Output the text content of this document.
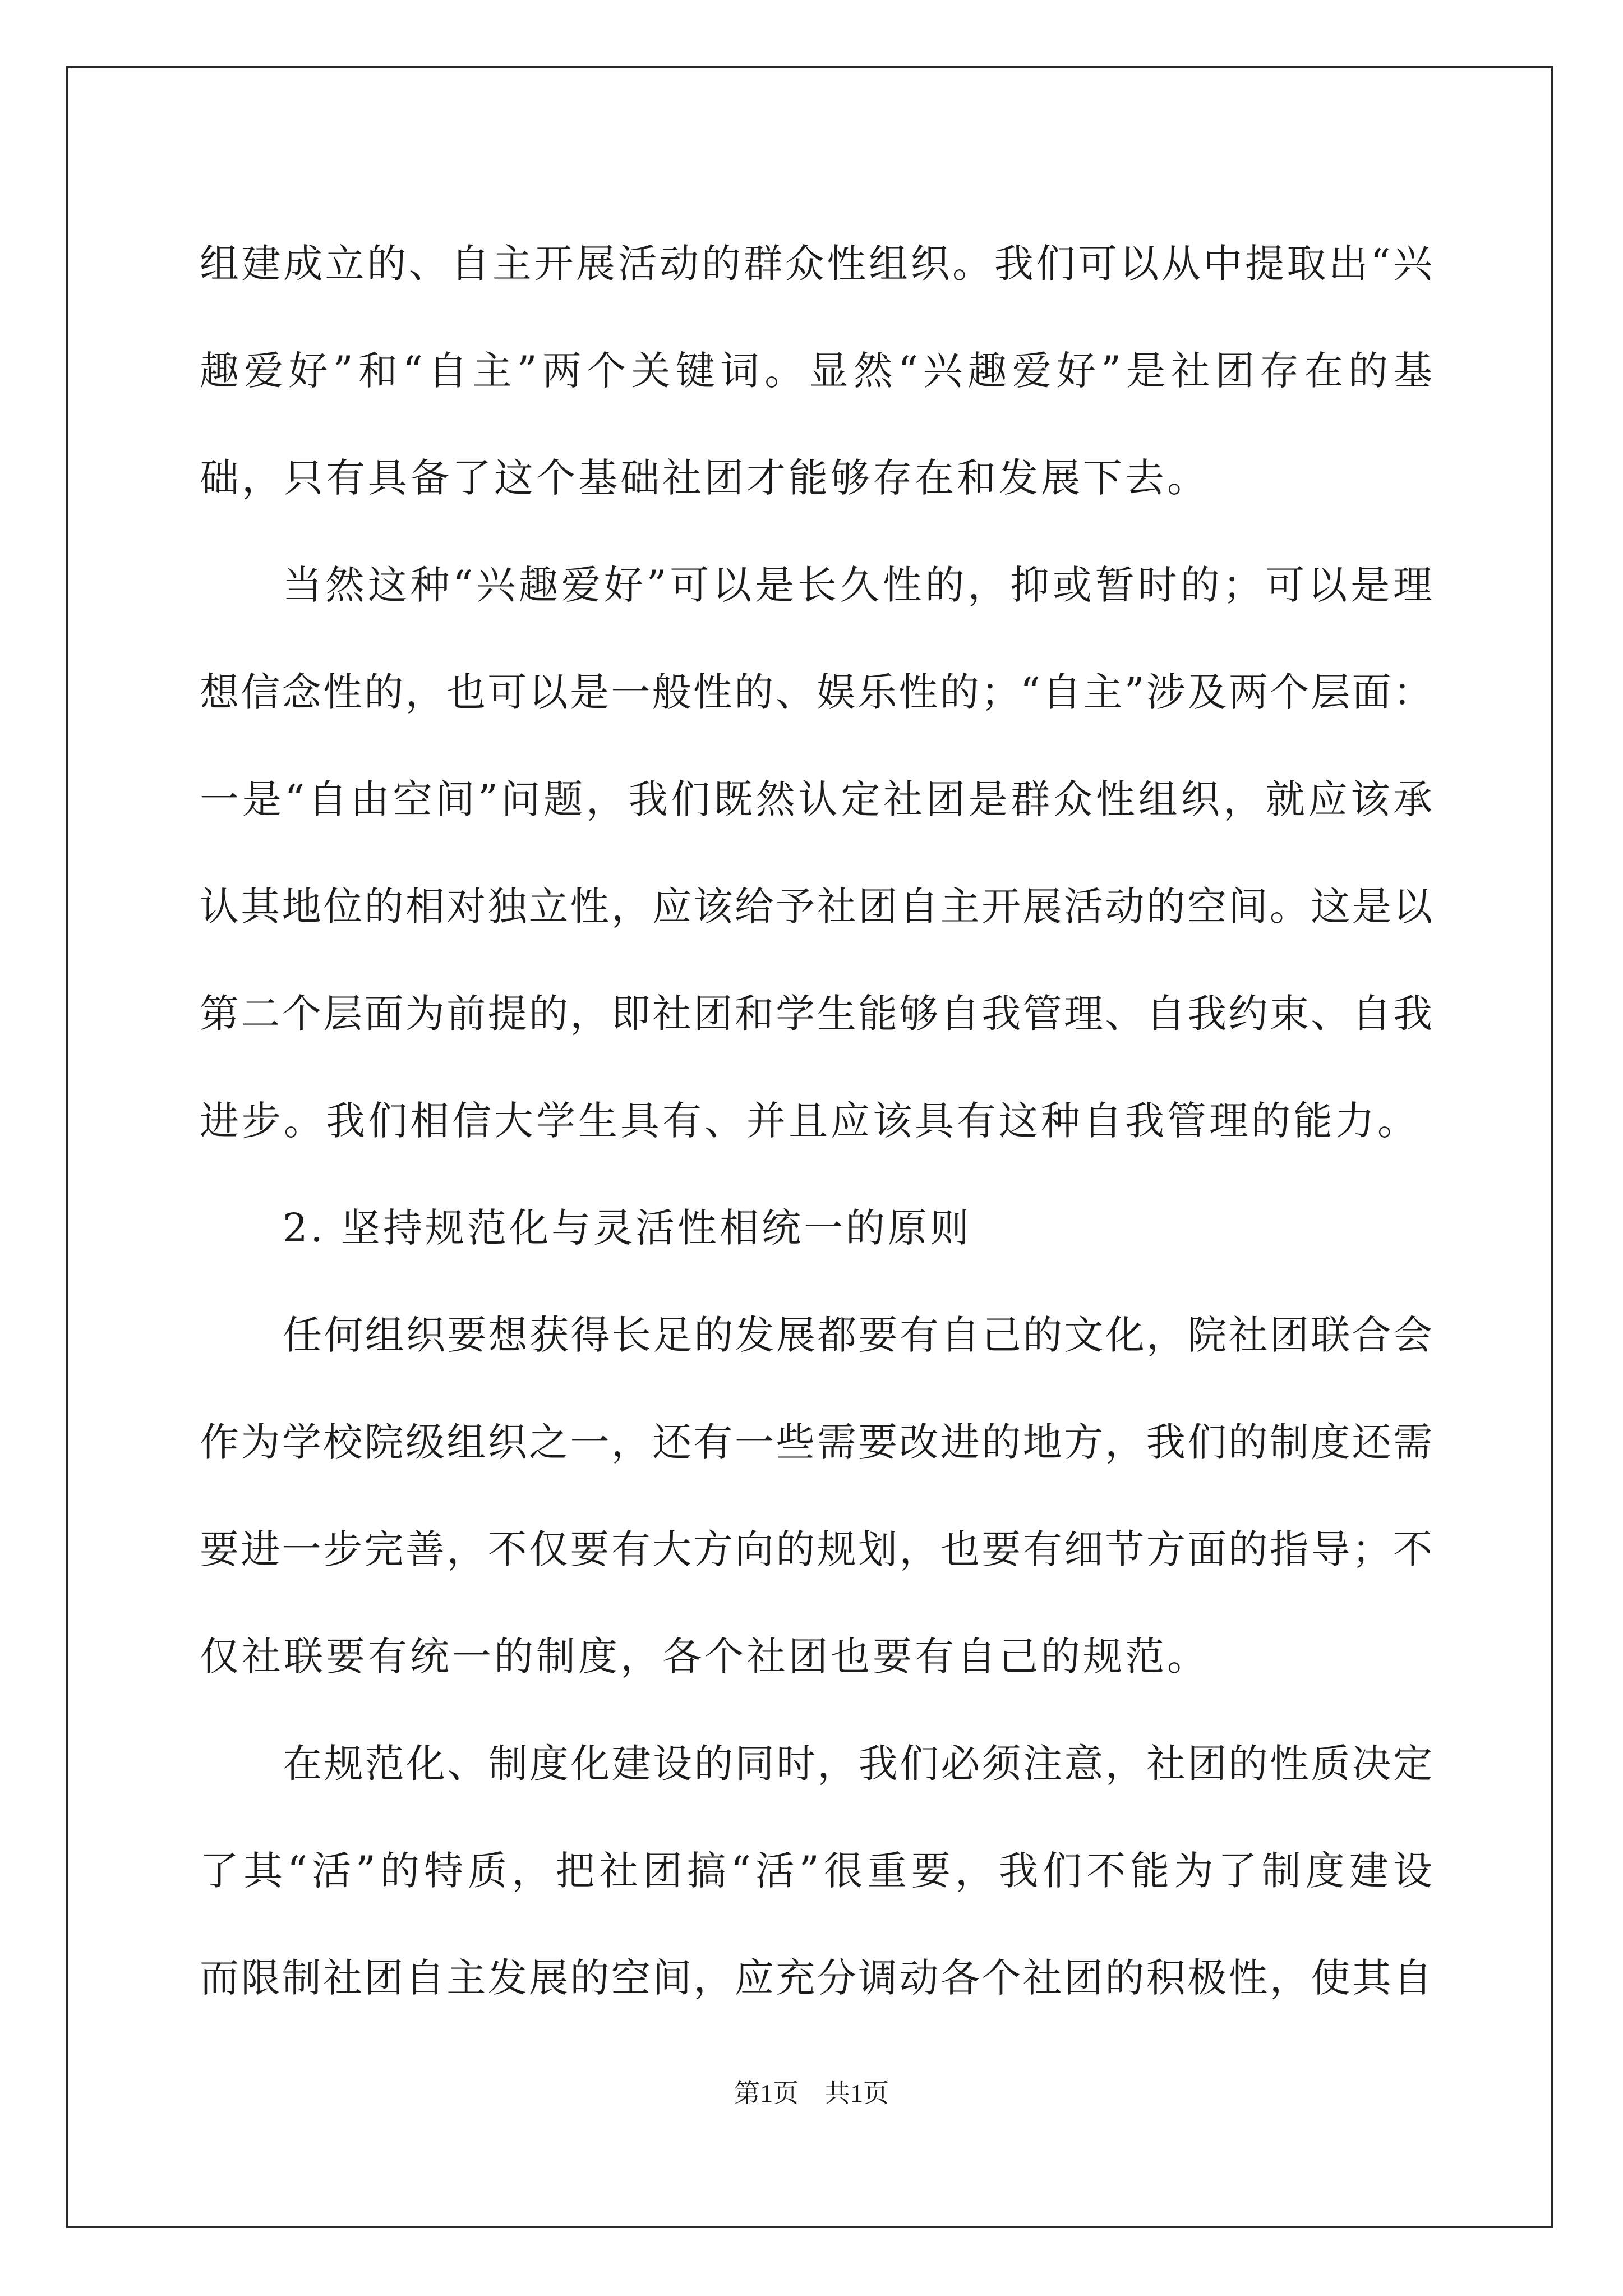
组建成立的、自主开展活动的群众性组织。我们可以从中提取出“兴
趣爱好”和“自主”两个关键词。显然“兴趣爱好”是社团存在的基
础，只有具备了这个基础社团才能够存在和发展下去。
当然这种“兴趣爱好”可以是长久性的，抑或暂时的；可以是理
想信念性的，也可以是一般性的、娱乐性的；“自主”涉及两个层面：
一是“自由空间”问题，我们既然认定社团是群众性组织，就应该承
认其地位的相对独立性，应该给予社团自主开展活动的空间。这是以
第二个层面为前提的，即社团和学生能够自我管理、自我约束、自我
进步。我们相信大学生具有、并且应该具有这种自我管理的能力。
2. 坚持规范化与灵活性相统一的原则
任何组织要想获得长足的发展都要有自己的文化，院社团联合会
作为学校院级组织之一，还有一些需要改进的地方，我们的制度还需
要进一步完善，不仅要有大方向的规划，也要有细节方面的指导；不
仅社联要有统一的制度，各个社团也要有自己的规范。
在规范化、制度化建设的同时，我们必须注意，社团的性质决定
了其“活”的特质，把社团搞“活”很重要，我们不能为了制度建设
而限制社团自主发展的空间，应充分调动各个社团的积极性，使其自
第1页 共1页
